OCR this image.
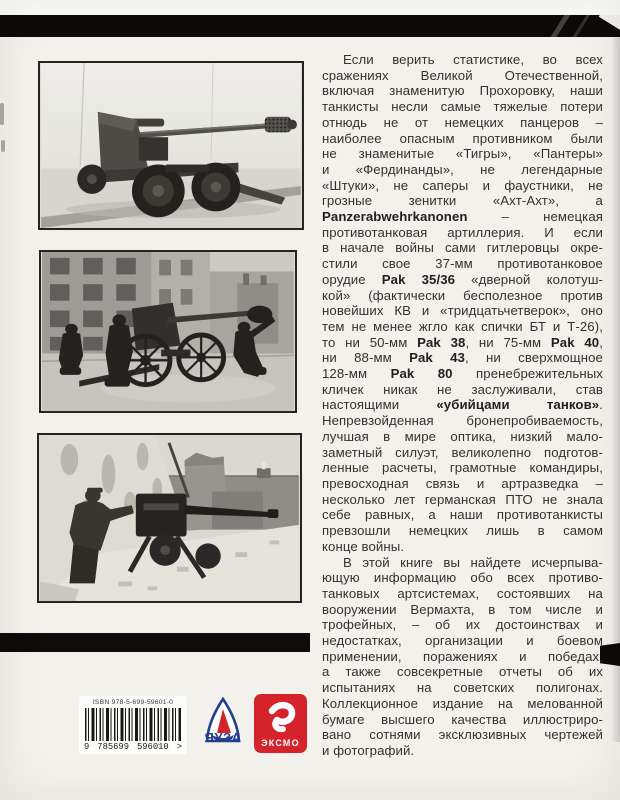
Если верить статистике, во всех
сражениях Великой Отечественной,
включая знаменитую Прохоровку, наши
танкисты несли самые тяжелые потери
отнюдь не от немецких панцеров –
наиболее опасным противником были
не знаменитые «Тигры», «Пантеры»
и «Фердинанды», не легендарные
«Штуки», не саперы и фаустники, не
грозные зенитки «Ахт-Ахт», а
Panzerabwehrkanonen – немецкая
противотанковая артиллерия. И если
в начале войны сами гитлеровцы окре-
стили свое 37-мм противотанковое
орудие Pak 35/36 «дверной колотуш-
кой» (фактически бесполезное против
новейших КВ и «тридцатьчетверок», оно
тем не менее жгло как спички БТ и Т-26),
то ни 50-мм Pak 38, ни 75-мм Pak 40,
ни 88-мм Pak 43, ни сверхмощное
128-мм Pak 80 пренебрежительных
кличек никак не заслуживали, став
настоящими «убийцами танков».
Непревзойденная бронепробиваемость,
лучшая в мире оптика, низкий мало-
заметный силуэт, великолепно подготов-
ленные расчеты, грамотные командиры,
превосходная связь и артразведка –
несколько лет германская ПТО не знала
себе равных, а наши противотанкисты
превзошли немецких лишь в самом
конце войны.
В этой книге вы найдете исчерпыва-
ющую информацию обо всех противо-
танковых артсистемах, состоявших на
вооружении Вермахта, в том числе и
трофейных, – об их достоинствах и
недостатках, организации и боевом
применении, поражениях и победах,
а также совсекретные отчеты об их
испытаниях на советских полигонах.
Коллекционное издание на мелованной
бумаге высшего качества иллюстриро-
вано сотнями эксклюзивных чертежей
и фотографий.
ISBN 978-5-699-59601-0
9 785699 596010 >
ЯУЗА	ЭКСМО
